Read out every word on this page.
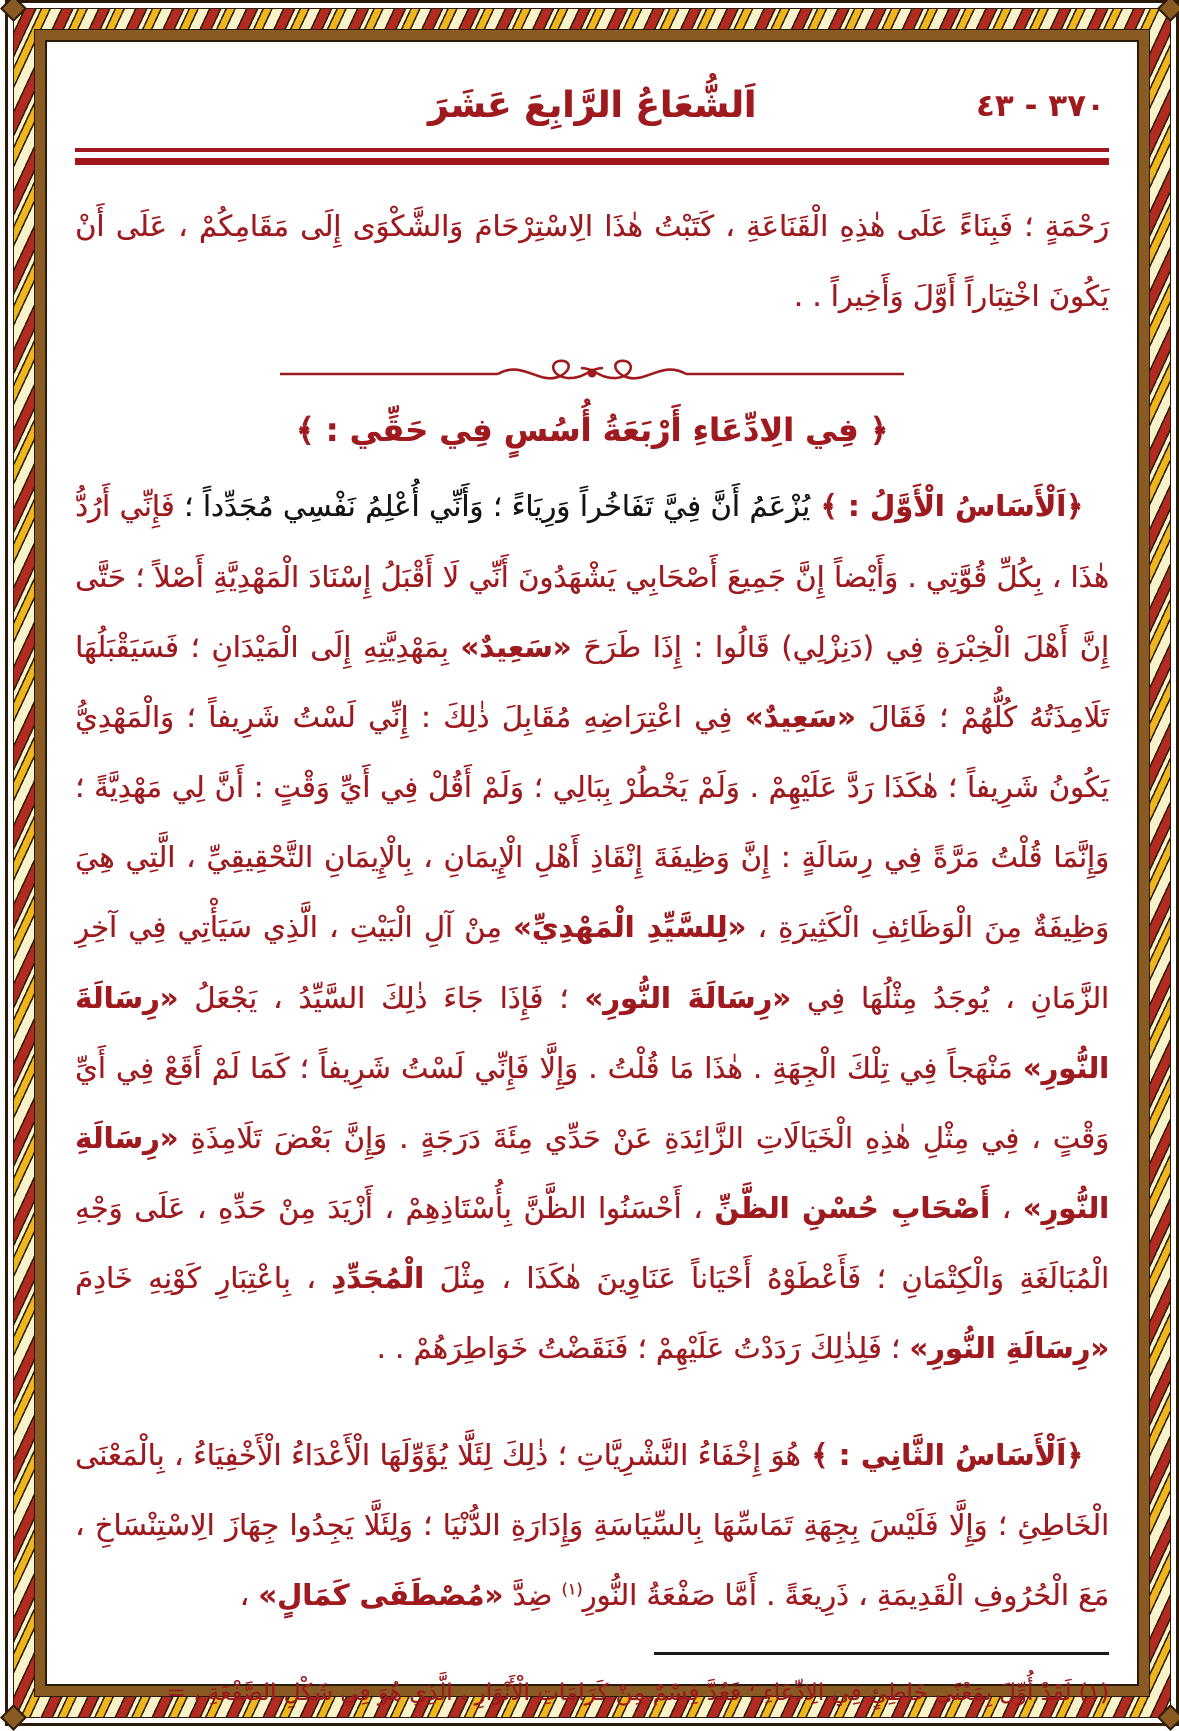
اَلشُّعَاعُ الرَّابِعَ عَشَرَ	٣٧٠ - ٤٣

رَحْمَةٍ ؛ فَبِنَاءً عَلَى هٰذِهِ الْقَنَاعَةِ ، كَتَبْتُ هٰذَا الِاسْتِرْحَامَ وَالشَّكْوَى إِلَى مَقَامِكُمْ ، عَلَى أَنْ يَكُونَ اخْتِبَاراً أَوَّلَ وَأَخِيراً . .

﴿ فِي الِادِّعَاءِ أَرْبَعَةُ أُسُسٍ فِي حَقِّي : ﴾

﴿اَلْأَسَاسُ الْأَوَّلُ : ﴾ يُزْعَمُ أَنَّ فِيَّ تَفَاخُراً وَرِيَاءً ؛ وَأَنِّي أُعْلِمُ نَفْسِي مُجَدِّداً ؛ فَإِنِّي أَرُدُّ هٰذَا ، بِكُلِّ قُوَّتِي . وَأَيْضاً إِنَّ جَمِيعَ أَصْحَابِي يَشْهَدُونَ أَنِّي لَا أَقْبَلُ إِسْنَادَ الْمَهْدِيَّةِ أَصْلاً ؛ حَتَّى إِنَّ أَهْلَ الْخِبْرَةِ فِي (دَنِزْلِي) قَالُوا : إِذَا طَرَحَ «سَعِيدٌ» بِمَهْدِيَّتِهِ إِلَى الْمَيْدَانِ ؛ فَسَيَقْبَلُهَا تَلَامِذَتُهُ كُلُّهُمْ ؛ فَقَالَ «سَعِيدٌ» فِي اعْتِرَاضِهِ مُقَابِلَ ذٰلِكَ : إِنِّي لَسْتُ شَرِيفاً ؛ وَالْمَهْدِيُّ يَكُونُ شَرِيفاً ؛ هٰكَذَا رَدَّ عَلَيْهِمْ . وَلَمْ يَخْطُرْ بِبَالِي ؛ وَلَمْ أَقُلْ فِي أَيِّ وَقْتٍ : أَنَّ لِي مَهْدِيَّةً ؛ وَإِنَّمَا قُلْتُ مَرَّةً فِي رِسَالَةٍ : إِنَّ وَظِيفَةَ إِنْقَاذِ أَهْلِ الْإِيمَانِ ، بِالْإِيمَانِ التَّحْقِيقِيِّ ، الَّتِي هِيَ وَظِيفَةٌ مِنَ الْوَظَائِفِ الْكَثِيرَةِ ، «لِلسَّيِّدِ الْمَهْدِيِّ» مِنْ آلِ الْبَيْتِ ، الَّذِي سَيَأْتِي فِي آخِرِ الزَّمَانِ ، يُوجَدُ مِثْلُهَا فِي «رِسَالَةَ النُّورِ» ؛ فَإِذَا جَاءَ ذٰلِكَ السَّيِّدُ ، يَجْعَلُ «رِسَالَةَ النُّورِ» مَنْهَجاً فِي تِلْكَ الْجِهَةِ . هٰذَا مَا قُلْتُ . وَإِلَّا فَإِنِّي لَسْتُ شَرِيفاً ؛ كَمَا لَمْ أَقَعْ فِي أَيِّ وَقْتٍ ، فِي مِثْلِ هٰذِهِ الْخَيَالَاتِ الزَّائِدَةِ عَنْ حَدِّي مِئَةَ دَرَجَةٍ . وَإِنَّ بَعْضَ تَلَامِذَةِ «رِسَالَةِ النُّورِ» ، أَصْحَابِ حُسْنِ الظَّنِّ ، أَحْسَنُوا الظَّنَّ بِأُسْتَاذِهِمْ ، أَزْيَدَ مِنْ حَدِّهِ ، عَلَى وَجْهِ الْمُبَالَغَةِ وَالْكِتْمَانِ ؛ فَأَعْطَوْهُ أَحْيَاناً عَنَاوِينَ هٰكَذَا ، مِثْلَ الْمُجَدِّدِ ، بِاعْتِبَارِ كَوْنِهِ خَادِمَ «رِسَالَةِ النُّورِ» ؛ فَلِذٰلِكَ رَدَدْتُ عَلَيْهِمْ ؛ فَنَقَضْتُ خَوَاطِرَهُمْ . .

﴿اَلْأَسَاسُ الثَّانِي : ﴾ هُوَ إِخْفَاءُ النَّشْرِيَّاتِ ؛ ذٰلِكَ لِئَلَّا يُؤَوِّلَهَا الْأَعْدَاءُ الْأَخْفِيَاءُ ، بِالْمَعْنَى الْخَاطِئِ ؛ وَإِلَّا فَلَيْسَ بِجِهَةِ تَمَاسِّهَا بِالسِّيَاسَةِ وَإِدَارَةِ الدُّنْيَا ؛ وَلِئَلَّا يَجِدُوا جِهَازَ الِاسْتِنْسَاخِ ، مَعَ الْحُرُوفِ الْقَدِيمَةِ ، ذَرِيعَةً . أَمَّا صَفْعَةُ النُّورِ$^{(١)}$ ضِدَّ «مُصْطَفَى كَمَالٍ» ،

(١) لَقَدْ أُوِّلَ بِمَعْنًى خَاطِئٍ فِي الِادِّعَاءِ ؛ فَعُدَّ قِسْمٌ مِنْ كَرَامَاتِ الْأَنْوَارِ ، الَّذِي هُوَ فِي شَكْلِ الصَّفْعَةِ ، =
